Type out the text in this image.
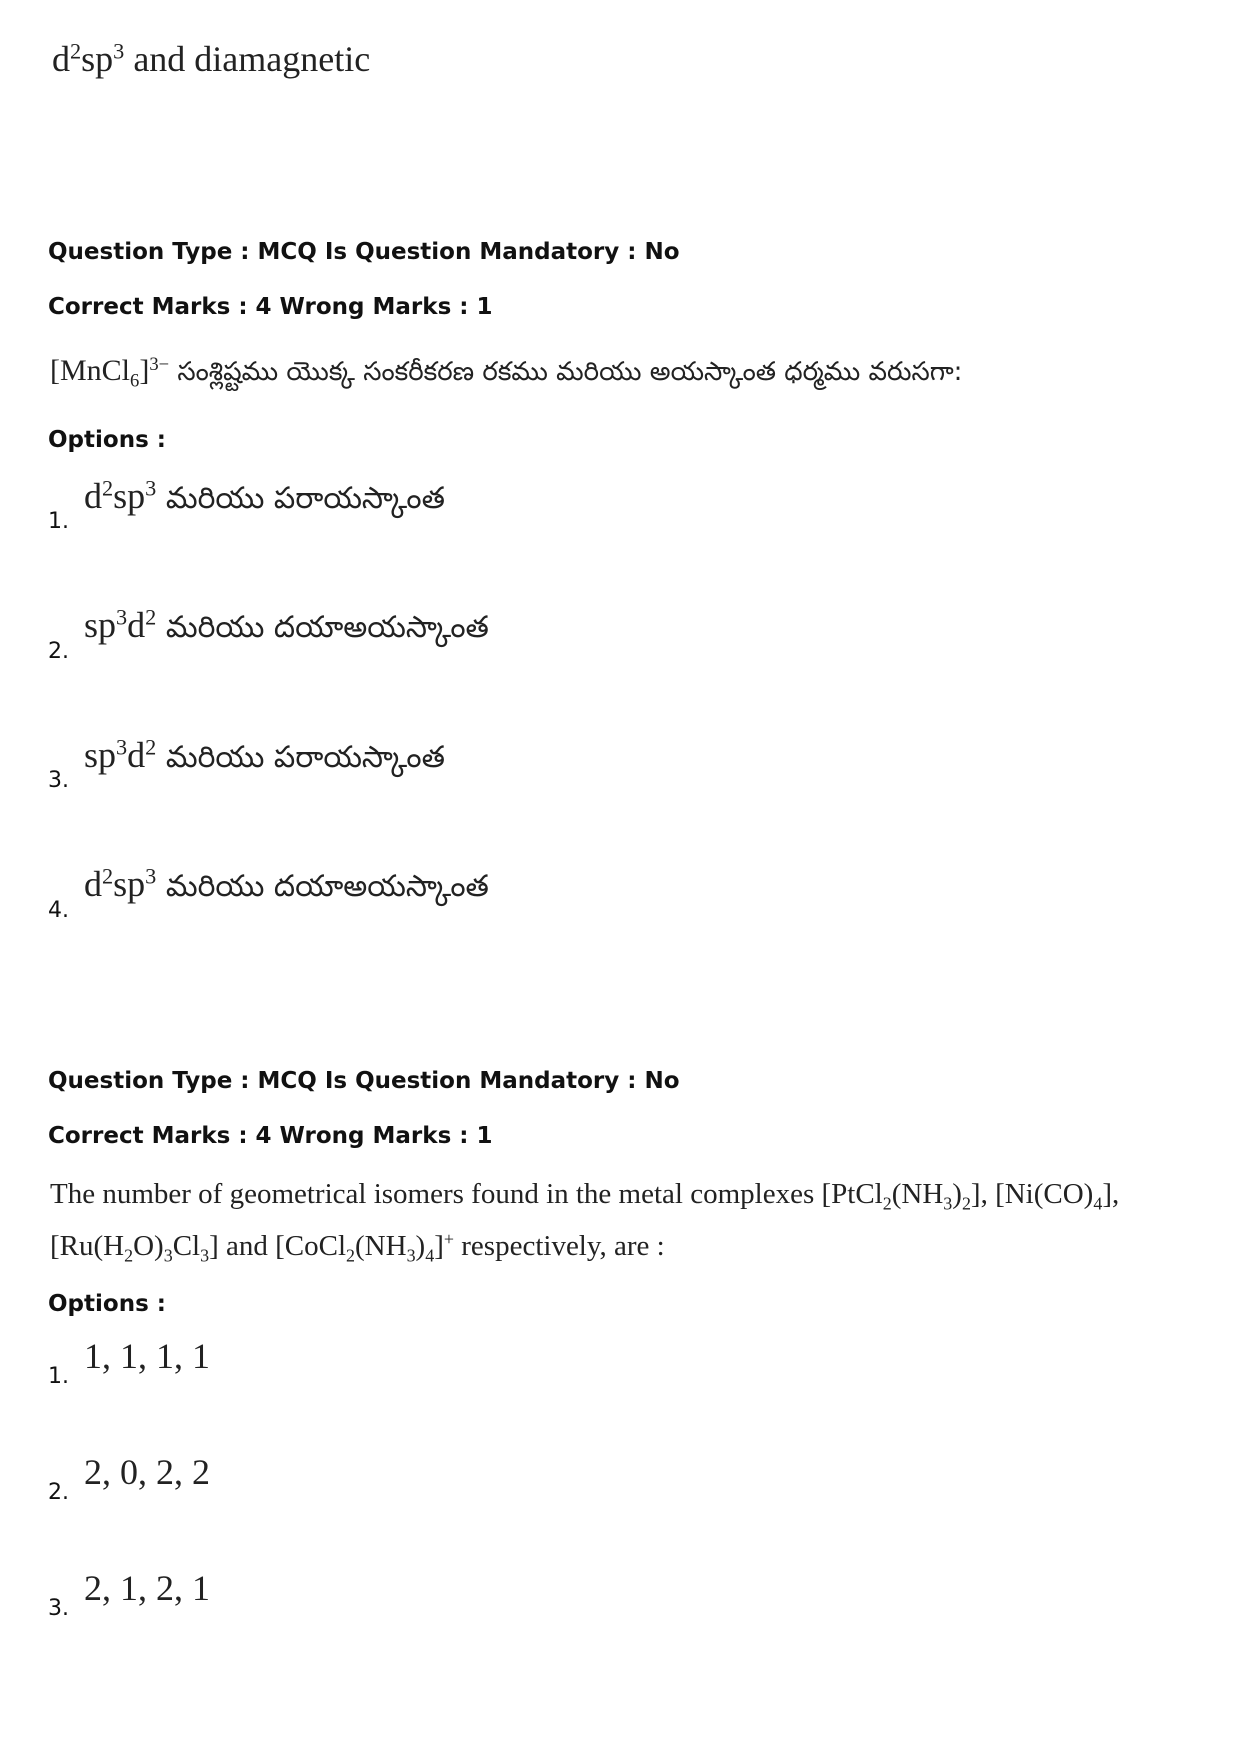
$d^2sp^3$ and diamagnetic
Question Type : MCQ Is Question Mandatory : No
Correct Marks : 4 Wrong Marks : 1
[MnCl$_6$]$^{3-}$ సంశ్లిష్టము యొక్క సంకరీకరణ రకము మరియు అయస్కాంత ధర్మము వరుసగా:
Options :
1.
$d^2sp^3$ మరియు పరాయస్కాంత
2.
$sp^3d^2$ మరియు దయాఅయస్కాంత
3.
$sp^3d^2$ మరియు పరాయస్కాంత
4.
$d^2sp^3$ మరియు దయాఅయస్కాంత
Question Type : MCQ Is Question Mandatory : No
Correct Marks : 4 Wrong Marks : 1
The number of geometrical isomers found in the metal complexes $[PtCl_2(NH_3)_2]$, $[Ni(CO)_4]$,
$[Ru(H_2O)_3Cl_3]$ and $[CoCl_2(NH_3)_4]^+$ respectively, are :
Options :
1.
1, 1, 1, 1
2.
2, 0, 2, 2
3.
2, 1, 2, 1
